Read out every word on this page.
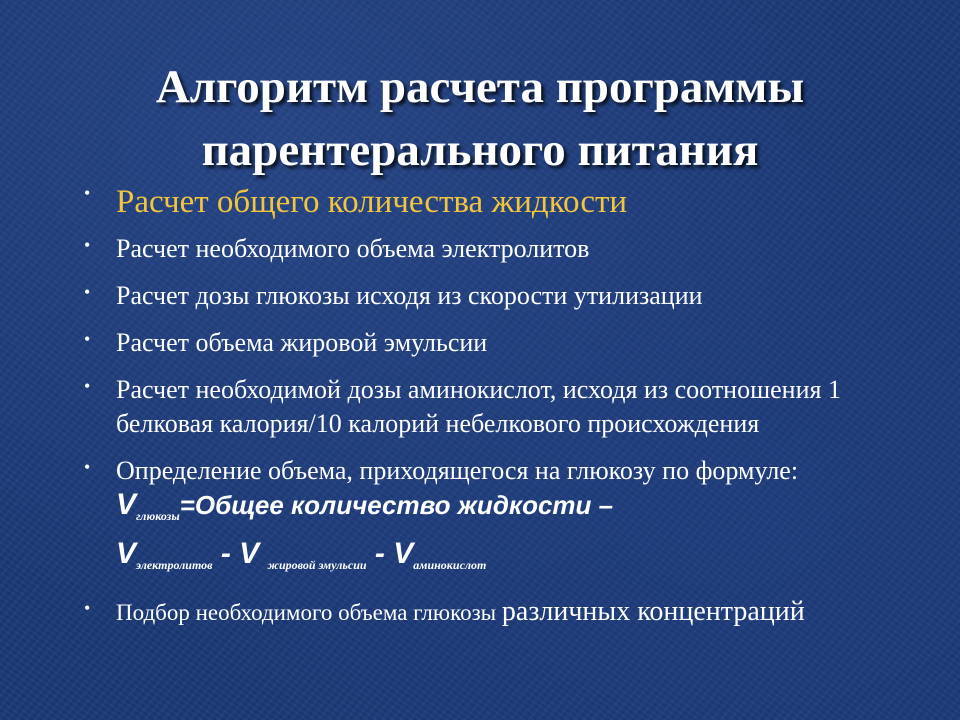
Алгоритм расчета программы
парентерального питания
• Расчет общего количества жидкости
• Расчет необходимого объема электролитов
• Расчет дозы глюкозы исходя из скорости утилизации
• Расчет объема жировой эмульсии
• Расчет необходимой дозы аминокислот, исходя из соотношения 1 белковая калория/10 калорий небелкового происхождения
• Определение объема, приходящегося на глюкозу по формуле: $V_{глюкозы}=Общее$ количество жидкости –
$V_{электролитов}$ - V $_{жировой эмульсии} - V_{аминокислот}$
• Подбор необходимого объема глюкозы различных концентраций
